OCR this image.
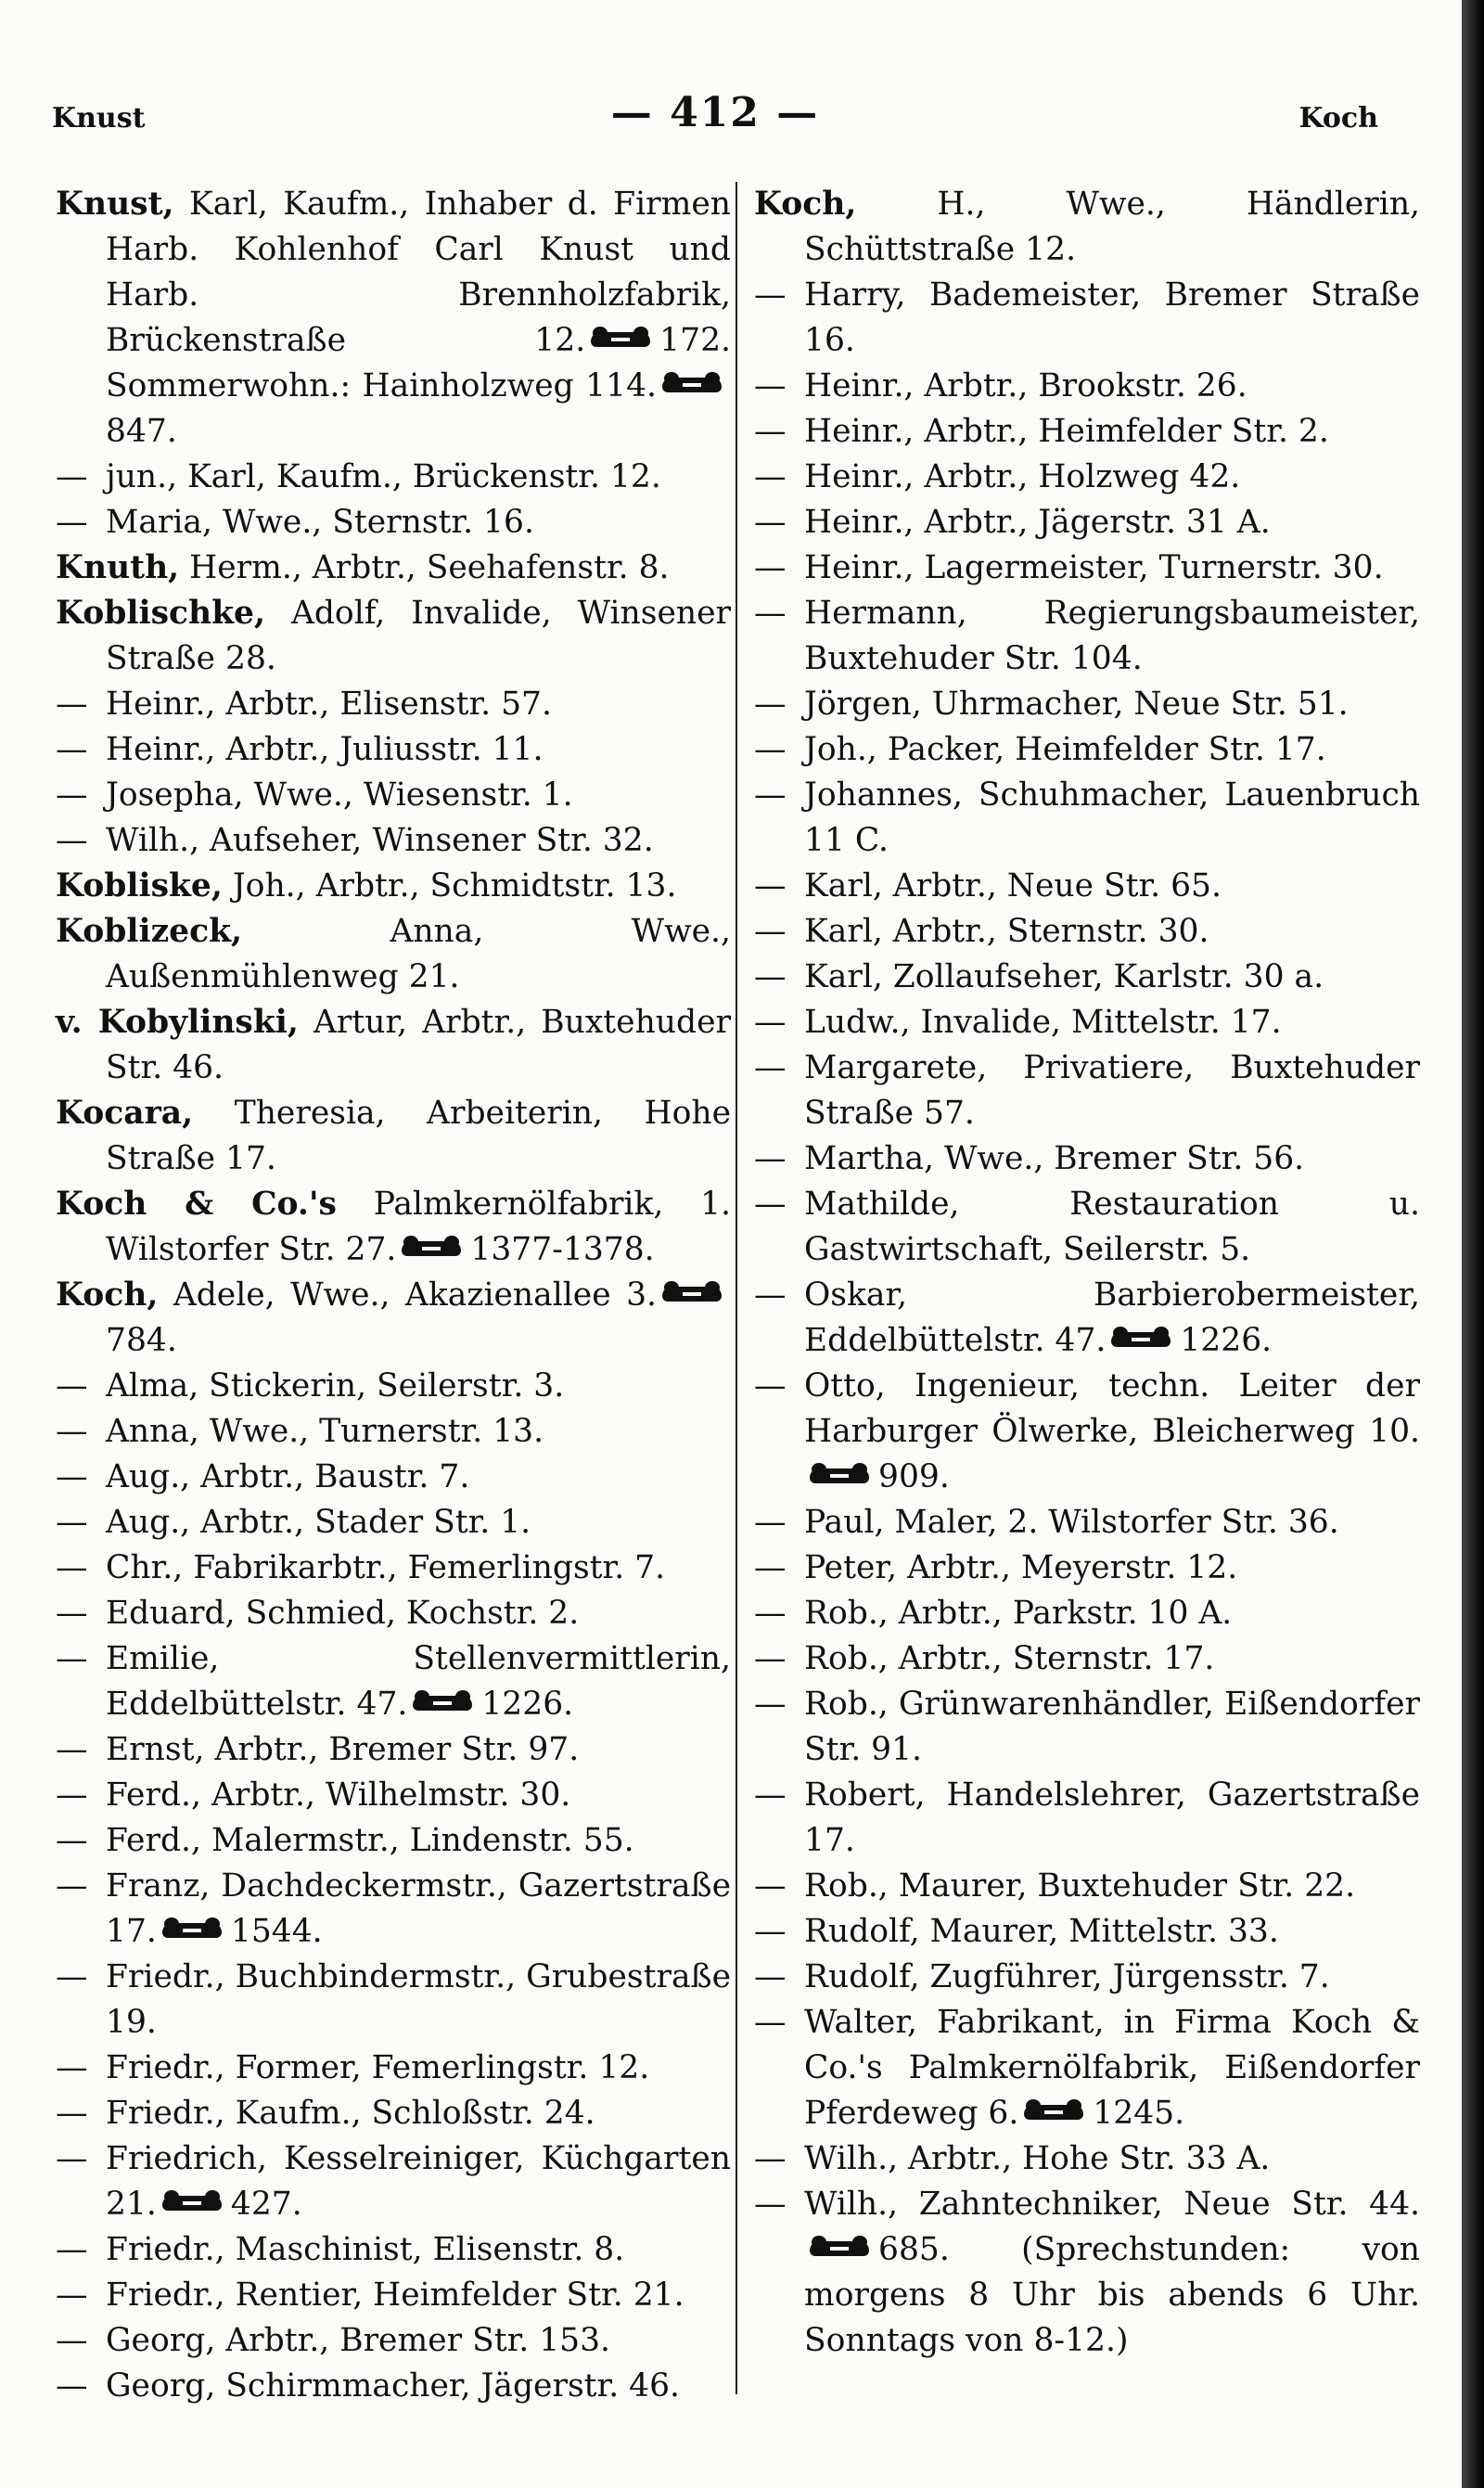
Knust	— 412 —	Koch
Knust, Karl, Kaufm., Inhaber d. Firmen Harb. Kohlenhof Carl Knust und Harb. Brennholzfabrik, Brückenstraße 12. 172. Sommerwohn.: Hainholzweg 114.
847.
— jun., Karl, Kaufm., Brückenstr. 12.
— Maria, Wwe., Sternstr. 16.
Knuth, Herm., Arbtr., Seehafenstr. 8.
Koblischke, Adolf, Invalide, Winsener Straße 28.
— Heinr., Arbtr., Elisenstr. 57.
— Heinr., Arbtr., Juliusstr. 11.
— Josepha, Wwe., Wiesenstr. 1.
— Wilh., Aufseher, Winsener Str. 32.
Kobliske, Joh., Arbtr., Schmidtstr. 13.
Koblizeck,	Anna, Wwe., Außenmühlenweg 21.
v. Kobylinski, Artur, Arbtr., Buxtehuder Str. 46.
Kocara, Theresia, Arbeiterin, Hohe Straße 17.
Koch & Co.'s Palmkernölfabrik, 1. Wilstorfer Str. 27. 1377-1378.
Koch, Adele, Wwe., Akazienallee 3.
784.
— Alma, Stickerin, Seilerstr. 3.
— Anna, Wwe., Turnerstr. 13.
— Aug., Arbtr., Baustr. 7.
— Aug., Arbtr., Stader Str. 1.
— Chr., Fabrikarbtr., Femerlingstr. 7.
— Eduard, Schmied, Kochstr. 2.
— Emilie, Stellenvermittlerin, Eddelbüttelstr. 47. 1226.
— Ernst, Arbtr., Bremer Str. 97.
— Ferd., Arbtr., Wilhelmstr. 30.
— Ferd., Malermstr., Lindenstr. 55.
— Franz, Dachdeckermstr., Gazertstraße 17. 1544.
— Friedr., Buchbindermstr., Grubestraße 19.
— Friedr., Former, Femerlingstr. 12.
— Friedr., Kaufm., Schloßstr. 24.
— Friedrich, Kesselreiniger, Küchgarten 21. 427.
— Friedr., Maschinist, Elisenstr. 8.
— Friedr., Rentier, Heimfelder Str. 21.
— Georg, Arbtr., Bremer Str. 153.
— Georg, Schirmmacher, Jägerstr. 46.
Koch,	H., Wwe., Händlerin, Schüttstraße 12.
— Harry, Bademeister, Bremer Straße 16.
— Heinr., Arbtr., Brookstr. 26.
— Heinr., Arbtr., Heimfelder Str. 2.
— Heinr., Arbtr., Holzweg 42.
— Heinr., Arbtr., Jägerstr. 31 A.
— Heinr., Lagermeister, Turnerstr. 30.
— Hermann, Regierungsbaumeister, Buxtehuder Str. 104.
— Jörgen, Uhrmacher, Neue Str. 51.
— Joh., Packer, Heimfelder Str. 17.
— Johannes, Schuhmacher, Lauenbruch 11 C.
— Karl, Arbtr., Neue Str. 65.
— Karl, Arbtr., Sternstr. 30.
— Karl, Zollaufseher, Karlstr. 30 a.
— Ludw., Invalide, Mittelstr. 17.
— Margarete, Privatiere, Buxtehuder Straße 57.
— Martha, Wwe., Bremer Str. 56.
— Mathilde, Restauration u. Gastwirtschaft, Seilerstr. 5.
— Oskar, Barbierobermeister, Eddelbüttelstr. 47. 1226.
— Otto, Ingenieur, techn. Leiter der Harburger Ölwerke, Bleicherweg 10.
909.
— Paul, Maler, 2. Wilstorfer Str. 36.
— Peter, Arbtr., Meyerstr. 12.
— Rob., Arbtr., Parkstr. 10 A.
— Rob., Arbtr., Sternstr. 17.
— Rob., Grünwarenhändler, Eißendorfer Str. 91.
— Robert, Handelslehrer, Gazertstraße 17.
— Rob., Maurer, Buxtehuder Str. 22.
— Rudolf, Maurer, Mittelstr. 33.
— Rudolf, Zugführer, Jürgensstr. 7.
— Walter, Fabrikant, in Firma Koch & Co.'s Palmkernölfabrik, Eißendorfer Pferdeweg 6. 1245.
— Wilh., Arbtr., Hohe Str. 33 A.
— Wilh., Zahntechniker, Neue Str. 44.
685. (Sprechstunden: von morgens 8 Uhr bis abends 6 Uhr. Sonntags von 8-12.)
